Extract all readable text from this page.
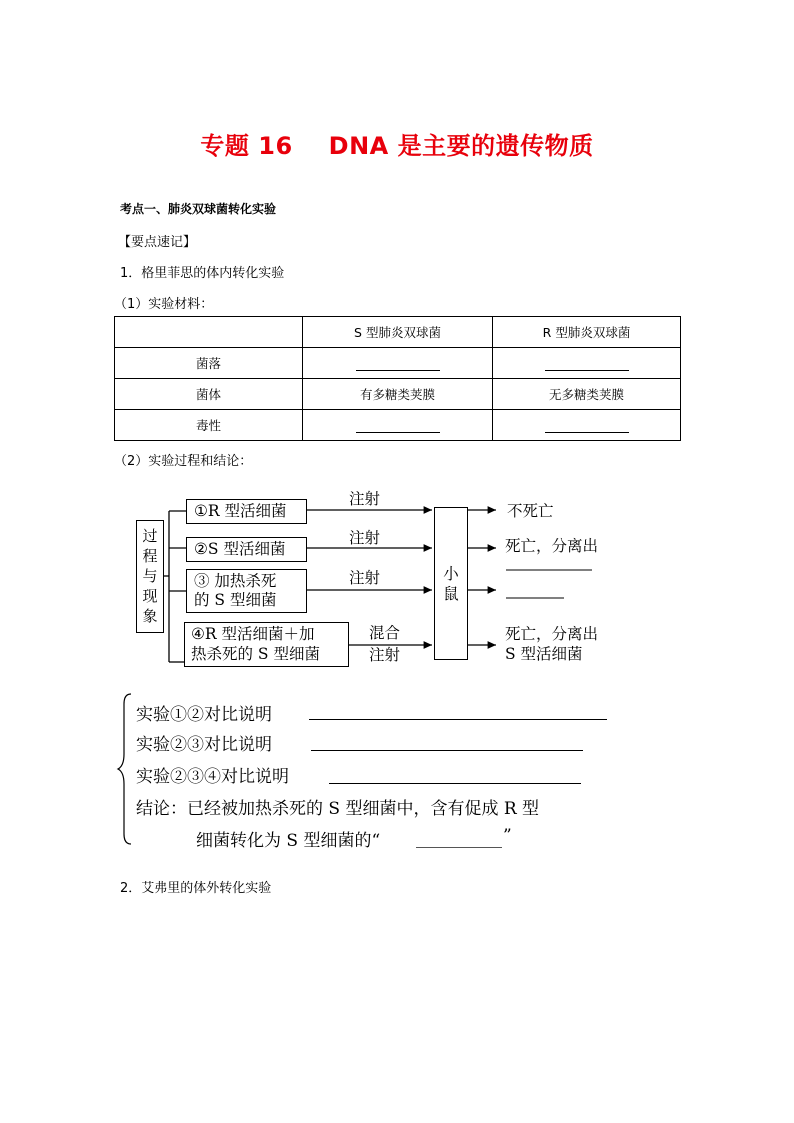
专题 16 DNA 是主要的遗传物质
考点一、肺炎双球菌转化实验
【要点速记】
1．格里菲思的体内转化实验
（1）实验材料：
	S 型肺炎双球菌	R 型肺炎双球菌
菌落		
菌体	有多糖类荚膜	无多糖类荚膜
毒性		
（2）实验过程和结论：
过
程
与
现
象
①R 型活细菌
②S 型活细菌
③ 加热杀死
的 S 型细菌
④R 型活细菌＋加
热杀死的 S 型细菌
注射
注射
注射
混合
注射
小
鼠
不死亡
死亡，分离出
死亡，分离出
S 型活细菌
实验①②对比说明
实验②③对比说明
实验②③④对比说明
结论：已经被加热杀死的 S 型细菌中，含有促成 R 型
细菌转化为 S 型细菌的“	”
2．艾弗里的体外转化实验
